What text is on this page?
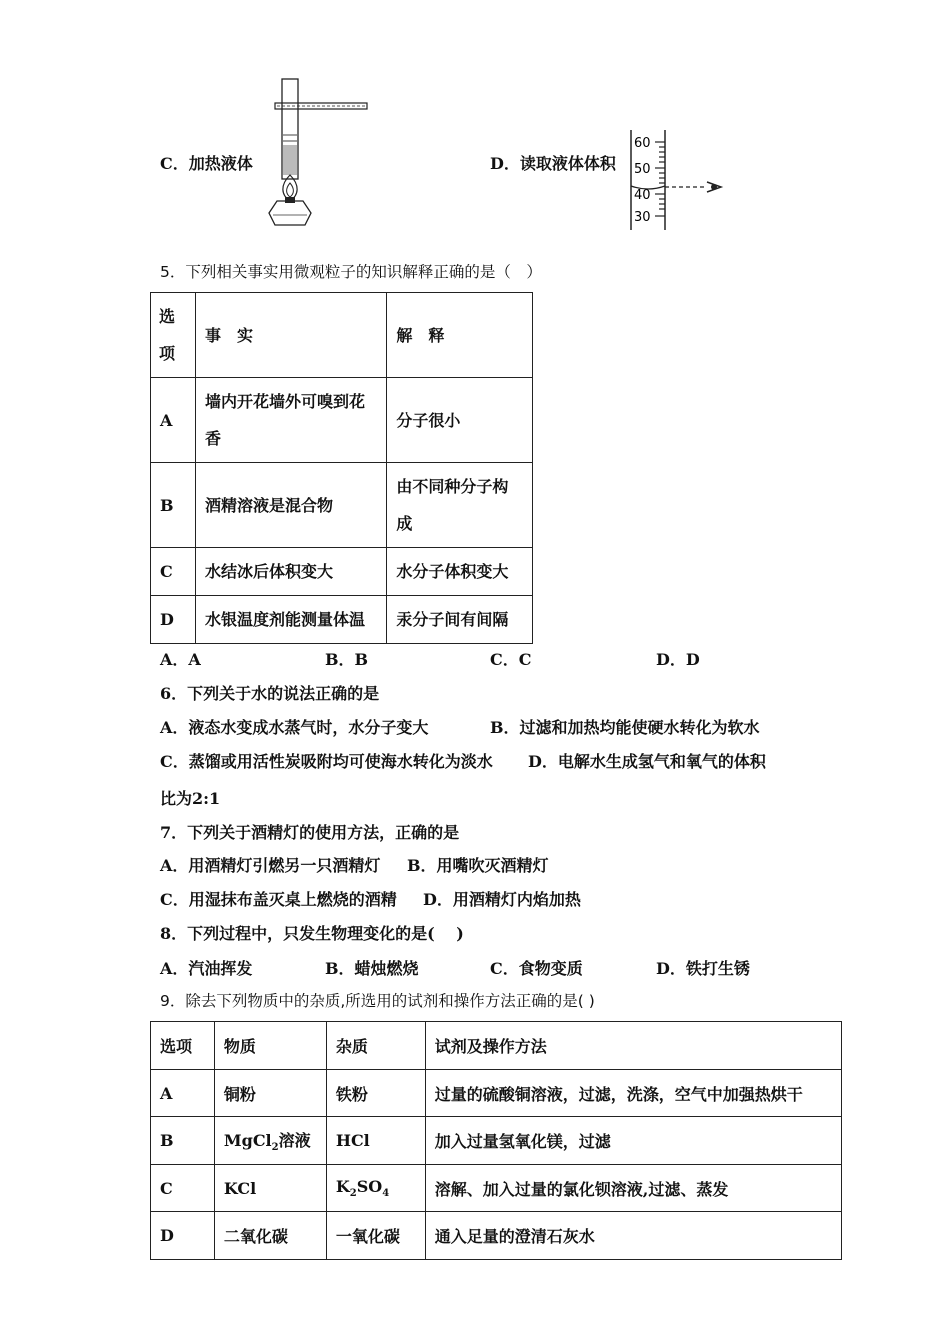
C．加热液体	D．读取液体体积
60
50
40
30
5．下列相关事实用微观粒子的知识解释正确的是（　）
选项	事　实	解　释
A	墙内开花墙外可嗅到花香	分子很小
B	酒精溶液是混合物	由不同种分子构成
C	水结冰后体积变大	水分子体积变大
D	水银温度剂能测量体温	汞分子间有间隔
A．A	B．B	C．C	D．D
6．下列关于水的说法正确的是
A．液态水变成水蒸气时，水分子变大	B．过滤和加热均能使硬水转化为软水
C．蒸馏或用活性炭吸附均可使海水转化为淡水 D．电解水生成氢气和氧气的体积
比为2:1
7．下列关于酒精灯的使用方法，正确的是
A．用酒精灯引燃另一只酒精灯 B．用嘴吹灭酒精灯
C．用湿抹布盖灭桌上燃烧的酒精 D．用酒精灯内焰加热
8．下列过程中，只发生物理变化的是(　 )
A．汽油挥发	B．蜡烛燃烧	C．食物变质	D．铁打生锈
9．除去下列物质中的杂质,所选用的试剂和操作方法正确的是( )
选项	物质	杂质	试剂及操作方法
A	铜粉	铁粉	过量的硫酸铜溶液，过滤，洗涤，空气中加强热烘干
B	MgCl$_2$溶液	HCl	加入过量氢氧化镁，过滤
C	KCl	$K_2SO_4$	溶解、加入过量的氯化钡溶液,过滤、蒸发
D	二氧化碳	一氧化碳	通入足量的澄清石灰水
